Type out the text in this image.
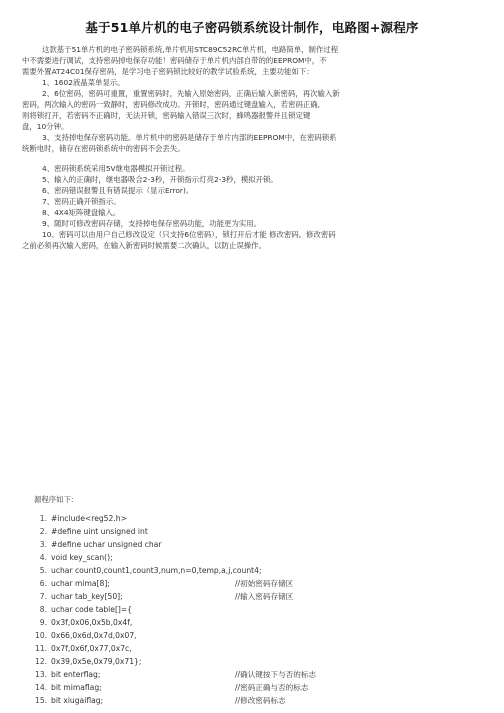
基于51单片机的电子密码锁系统设计制作，电路图+源程序
这款基于51单片机的电子密码锁系统,单片机用STC89C52RC单片机，电路简单，制作过程
中不需要进行调试，支持密码掉电保存功能！密码储存于单片机内部自带的的EEPROM中，不
需要外置AT24C01保存密码，是学习电子密码锁比较好的教学试验系统，主要功能如下：
1、1602液晶菜单显示。
2、6位密码，密码可重置，重置密码时，先输入原始密码，正确后输入新密码，再次输入新
密码，两次输入的密码一致静时，密码修改成功。开锁时，密码通过键盘输入，若密码正确,
则将锁打开，若密码不正确时，无法开锁，密码输入错误三次时，蜂鸣器报警并且锁定键
盘，10分钟。
3、支持掉电保存密码功能。单片机中的密码是储存于单片内部的EEPROM中，在密码锁系
统断电时，储存在密码锁系统中的密码不会丢失。
4、密码锁系统采用5V继电器模拟开锁过程。
5、输入的正确时，继电器吸合2-3秒，开锁指示灯亮2-3秒，模拟开锁。
6、密码错误报警且有错误提示（显示Error)。
7、密码正确开锁指示。
8、4X4矩阵键盘输入。
9、随时可修改密码存储，支持掉电保存密码功能，功能更为实用。
10、密码可以由用户自己修改设定（只支持6位密码），锁打开后才能 修改密码。修改密码
之前必须再次输入密码，在输入新密码时候需要二次确认，以防止误操作。
源程序如下:
1. #include<reg52.h>
2. #define uint unsigned int
3. #define uchar unsigned char
4. void key_scan();
5. uchar count0,count1,count3,num,n=0,temp,a,j,count4;
6. uchar mima[8];	//初始密码存储区
7. uchar tab_key[50];	//输入密码存储区
8. uchar code table[]={
9. 0x3f,0x06,0x5b,0x4f,
10. 0x66,0x6d,0x7d,0x07,
11. 0x7f,0x6f,0x77,0x7c,
12. 0x39,0x5e,0x79,0x71};
13. bit enterflag;	//确认键按下与否的标志
14. bit mimaflag;	//密码正确与否的标志
15. bit xiugaiflag;	//修改密码标志
